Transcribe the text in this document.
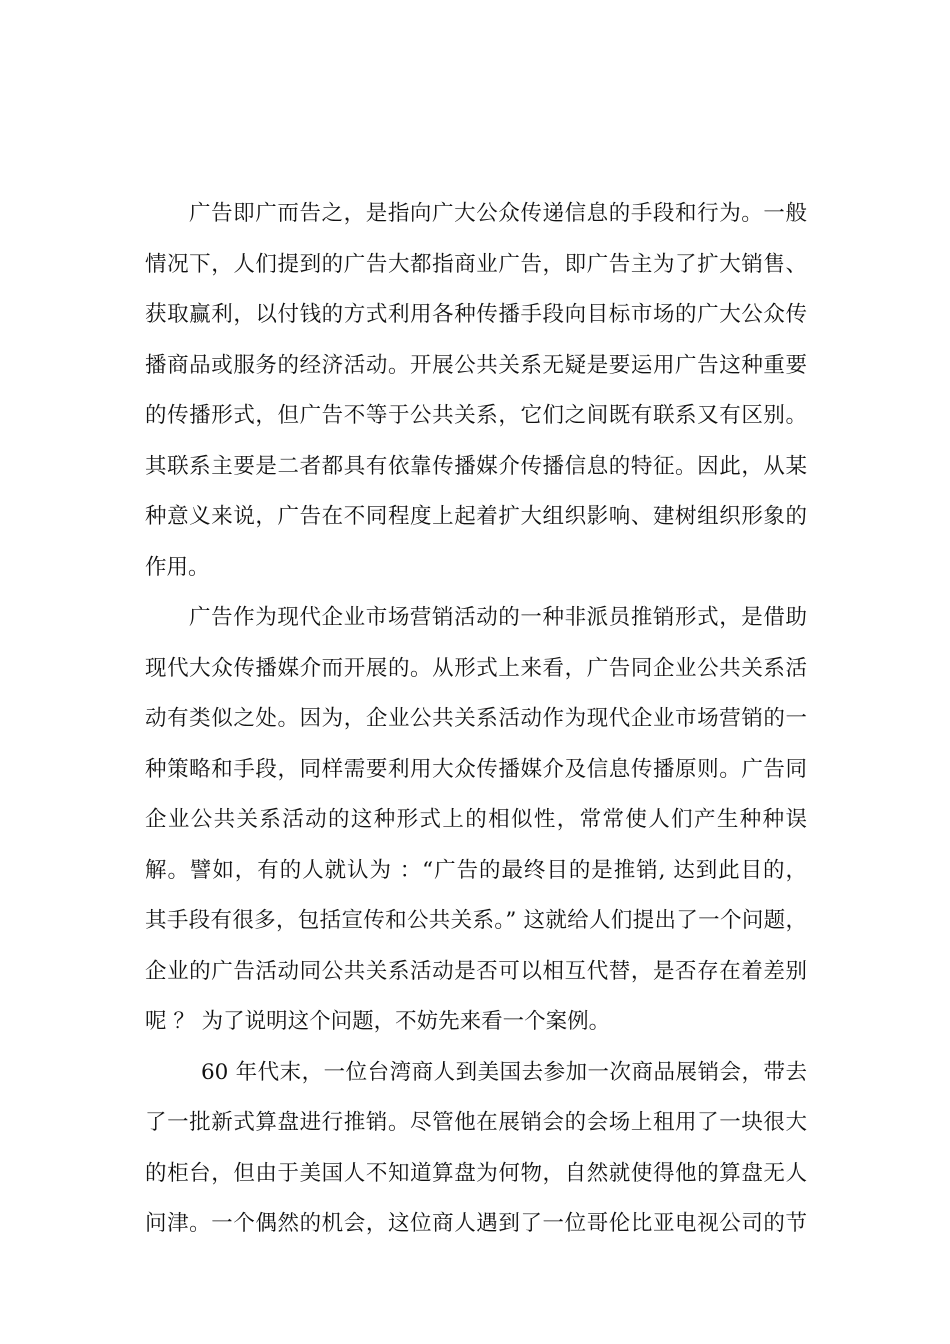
广告即广而告之，是指向广大公众传递信息的手段和行为。一般
情况下，人们提到的广告大都指商业广告，即广告主为了扩大销售、
获取赢利，以付钱的方式利用各种传播手段向目标市场的广大公众传
播商品或服务的经济活动。开展公共关系无疑是要运用广告这种重要
的传播形式，但广告不等于公共关系，它们之间既有联系又有区别。
其联系主要是二者都具有依靠传播媒介传播信息的特征。因此，从某
种意义来说，广告在不同程度上起着扩大组织影响、建树组织形象的
作用。
广告作为现代企业市场营销活动的一种非派员推销形式，是借助
现代大众传播媒介而开展的。从形式上来看，广告同企业公共关系活
动有类似之处。因为，企业公共关系活动作为现代企业市场营销的一
种策略和手段，同样需要利用大众传播媒介及信息传播原则。广告同
企业公共关系活动的这种形式上的相似性，常常使人们产生种种误
解。譬如，有的人就认为 ：“广告的最终目的是推销, 达到此目的，
其手段有很多，包括宣传和公共关系。” 这就给人们提出了一个问题，
企业的广告活动同公共关系活动是否可以相互代替，是否存在着差别
呢 ？ 为了说明这个问题，不妨先来看一个案例。
60 年代末，一位台湾商人到美国去参加一次商品展销会，带去
了一批新式算盘进行推销。尽管他在展销会的会场上租用了一块很大
的柜台，但由于美国人不知道算盘为何物，自然就使得他的算盘无人
问津。一个偶然的机会，这位商人遇到了一位哥伦比亚电视公司的节
